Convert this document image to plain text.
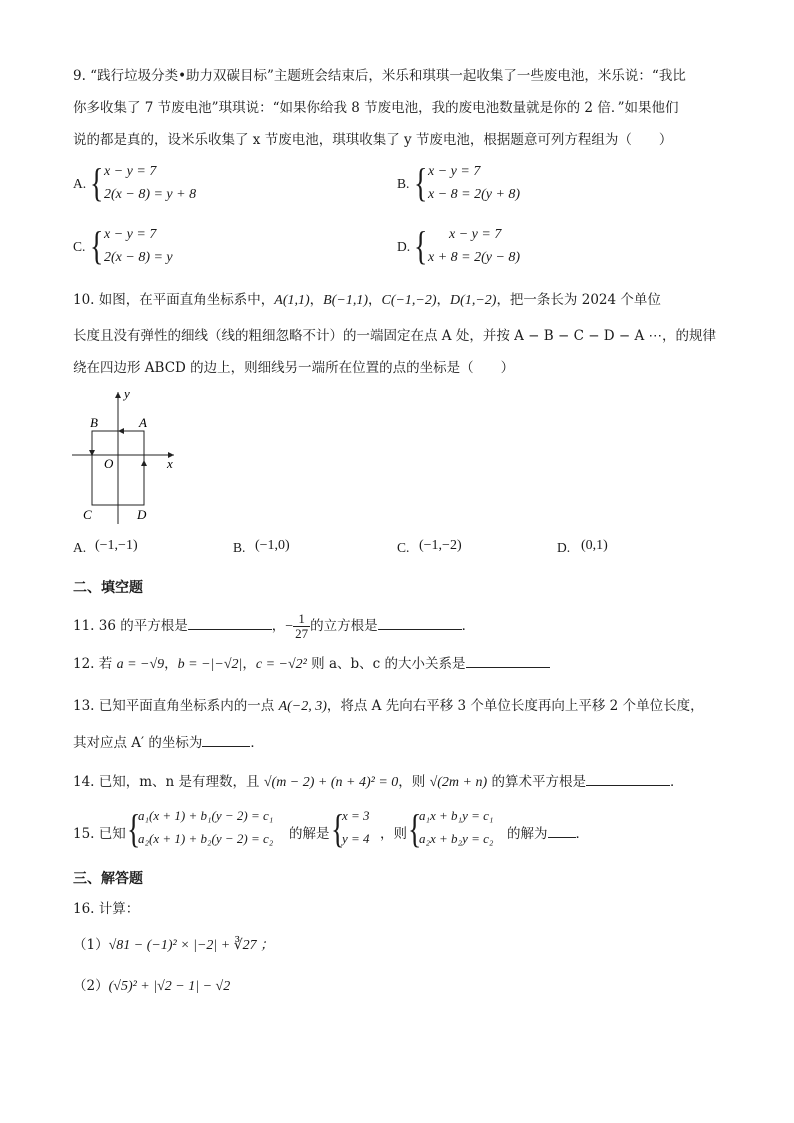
9. “践行垃圾分类•助力双碳目标”主题班会结束后，米乐和琪琪一起收集了一些废电池，米乐说：“我比
你多收集了 7 节废电池”琪琪说：“如果你给我 8 节废电池，我的废电池数量就是你的 2 倍．”如果他们
说的都是真的，设米乐收集了 x 节废电池，琪琪收集了 y 节废电池，根据题意可列方程组为（　　）
A. { x − y = 7
2(x − 8) = y + 8
B. { x − y = 7
x − 8 = 2(y + 8)
C. { x − y = 7
2(x − 8) = y
D. { x − y = 7
x + 8 = 2(y − 8)
10. 如图，在平面直角坐标系中，A(1,1)，B(−1,1)，C(−1,−2)，D(1,−2)，把一条长为 2024 个单位
长度且没有弹性的细线（线的粗细忽略不计）的一端固定在点 A 处，并按 A − B − C − D − A ⋯，的规律
绕在四边形 ABCD 的边上，则细线另一端所在位置的点的坐标是（　　）
y
x
O
A
B
C	D
A. (−1,−1)	B. (−1,0)	C. (−1,−2)	D. (0,1)
二、填空题
11. 36 的平方根是	，− $\frac{1}{27}$ 的立方根是	．
12. 若 a = −√9，b = −|−√2|，c = −√2² 则 a、b、c 的大小关系是
13. 已知平面直角坐标系内的一点 A(−2, 3)，将点 A 先向右平移 3 个单位长度再向上平移 2 个单位长度，
其对应点 A′ 的坐标为	．
14. 已知，m、n 是有理数，且 √(m − 2) + (n + 4)² = 0，则 √(2m + n) 的算术平方根是	．
15. 已知 {
a₁(x + 1) + b₁(y − 2) = c₁
a₂(x + 1) + b₂(y − 2) = c₂ 的解是 {
x = 3
y = 4 ，则 {
a₁x + b₁y = c₁
a₂x + b₂y = c₂ 的解为 ．
三、解答题
16. 计算：
（1）√81 − (−1)² × |−2| + ∛27 ；
（2）(√5)² + |√2 − 1| − √2
